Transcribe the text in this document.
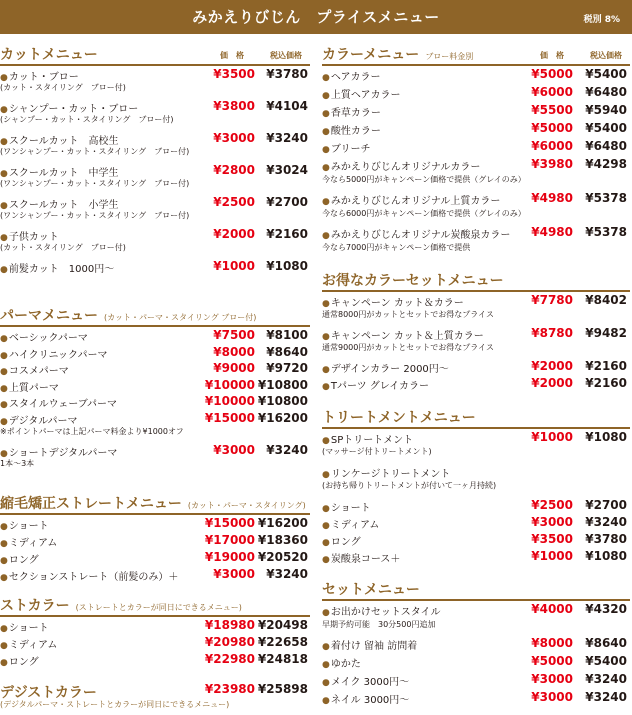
みかえりびじん　プライスメニュー	税別 8%
カットメニュー	価　格	税込価格
●カット・ブロー	¥3500 ¥3780
(カット・スタイリング　ブロー付)
●シャンプー・カット・ブロー	¥3800 ¥4104
(シャンプー・カット・スタイリング　ブロー付)
●スクールカット　高校生	¥3000 ¥3240
(ワンシャンプー・カット・スタイリング　ブロー付)
●スクールカット　中学生	¥2800 ¥3024
(ワンシャンプー・カット・スタイリング　ブロー付)
●スクールカット　小学生	¥2500 ¥2700
(ワンシャンプー・カット・スタイリング　ブロー付)
●子供カット	¥2000 ¥2160
(カット・スタイリング　ブロー付)
●前髪カット　1000円〜	¥1000 ¥1080
パーマメニュー (カット・パーマ・スタイリング ブロー付)
●ベーシックパーマ	¥7500 ¥8100
●ハイクリニックパーマ	¥8000 ¥8640
●コスメパーマ	¥9000 ¥9720
●上質パーマ	¥10000 ¥10800
●スタイルウェーブパーマ	¥10000 ¥10800
●デジタルパーマ	¥15000 ¥16200
※ポイントパーマは上記パーマ料金より¥1000オフ
●ショートデジタルパーマ	¥3000 ¥3240
1本〜3本
縮毛矯正ストレートメニュー (カット・パーマ・スタイリング)
●ショート	¥15000 ¥16200
●ミディアム	¥17000 ¥18360
●ロング	¥19000 ¥20520
●セクションストレート（前髪のみ）＋	¥3000 ¥3240
ストカラー (ストレートとカラーが同日にできるメニュー)
●ショート	¥18980 ¥20498
●ミディアム	¥20980 ¥22658
●ロング	¥22980 ¥24818
デジストカラー	¥23980 ¥25898
(デジタルパーマ・ストレートとカラーが同日にできるメニュー)
カラーメニュー ブロー料金別	価　格	税込価格
●ヘアカラー	¥5000	¥5400
●上質ヘアカラー	¥6000	¥6480
●香草カラー	¥5500	¥5940
●酸性カラー	¥5000	¥5400
●ブリーチ	¥6000	¥6480
●みかえりびじんオリジナルカラー	¥3980	¥4298
今なら5000円がキャンペーン価格で提供（グレイのみ）
●みかえりびじんオリジナル上質カラー	¥4980	¥5378
今なら6000円がキャンペーン価格で提供（グレイのみ）
●みかえりびじんオリジナル炭酸泉カラー	¥4980	¥5378
今なら7000円がキャンペーン価格で提供
お得なカラーセットメニュー
●キャンペーン カット＆カラー	¥7780	¥8402
通常8000円がカットとセットでお得なプライス
●キャンペーン カット＆上質カラー	¥8780	¥9482
通常9000円がカットとセットでお得なプライス
●デザインカラー 2000円〜	¥2000	¥2160
●Tパーツ グレイカラー	¥2000	¥2160
トリートメントメニュー
●SPトリートメント	¥1000	¥1080
(マッサージ付トリートメント)
●リンケージトリートメント
(お持ち帰りトリートメントが付いて一ヶ月持続)
●ショート	¥2500	¥2700
●ミディアム	¥3000	¥3240
●ロング	¥3500	¥3780
●炭酸泉コース＋	¥1000	¥1080
セットメニュー
●お出かけセットスタイル	¥4000	¥4320
早期予約可能　30分500円追加
●着付け 留袖 訪問着	¥8000	¥8640
●ゆかた	¥5000	¥5400
●メイク 3000円〜	¥3000	¥3240
●ネイル 3000円〜	¥3000	¥3240
